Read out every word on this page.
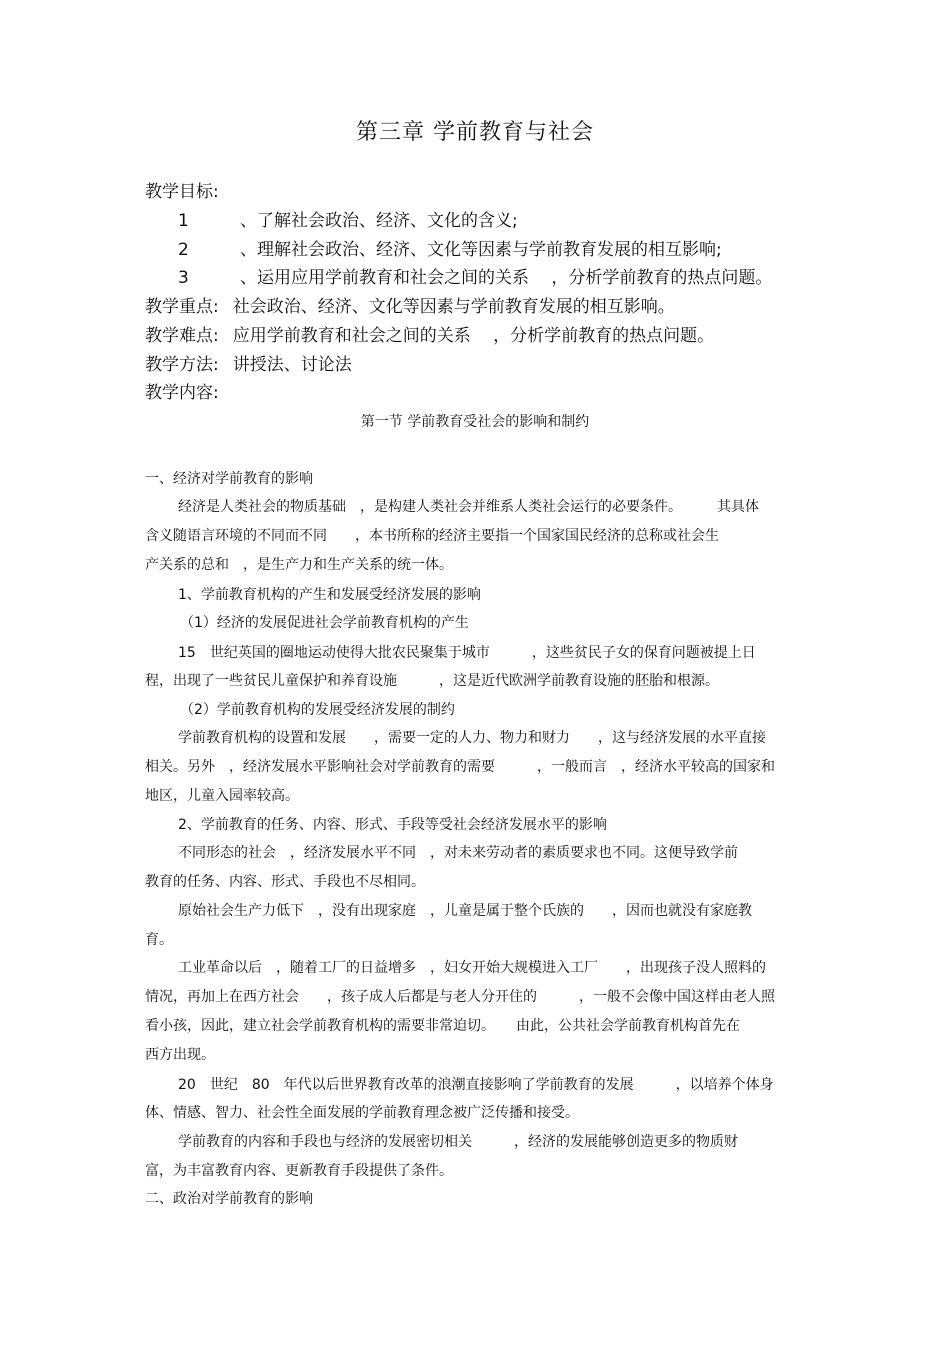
第三章 学前教育与社会
教学目标:
1	、了解社会政治、经济、文化的含义;
2	、理解社会政治、经济、文化等因素与学前教育发展的相互影响;
3	、运用应用学前教育和社会之间的关系　 ，分析学前教育的热点问题。
教学重点: 社会政治、经济、文化等因素与学前教育发展的相互影响。
教学难点: 应用学前教育和社会之间的关系　 ，分析学前教育的热点问题。
教学方法: 讲授法、讨论法
教学内容:
第一节 学前教育受社会的影响和制约
一、经济对学前教育的影响
经济是人类社会的物质基础　，是构建人类社会并维系人类社会运行的必要条件。　　　其具体
含义随语言环境的不同而不同　　，本书所称的经济主要指一个国家国民经济的总称或社会生
产关系的总和　，是生产力和生产关系的统一体。
1、学前教育机构的产生和发展受经济发展的影响
（1）经济的发展促进社会学前教育机构的产生
15　世纪英国的圈地运动使得大批农民聚集于城市　　　，这些贫民子女的保育问题被提上日
程，出现了一些贫民儿童保护和养育设施　　　，这是近代欧洲学前教育设施的胚胎和根源。
（2）学前教育机构的发展受经济发展的制约
学前教育机构的设置和发展　　，需要一定的人力、物力和财力　　，这与经济发展的水平直接
相关。另外　，经济发展水平影响社会对学前教育的需要　　　，一般而言　，经济水平较高的国家和
地区，儿童入园率较高。
2、学前教育的任务、内容、形式、手段等受社会经济发展水平的影响
不同形态的社会　，经济发展水平不同　，对未来劳动者的素质要求也不同。这便导致学前
教育的任务、内容、形式、手段也不尽相同。
原始社会生产力低下　，没有出现家庭　，儿童是属于整个氏族的　　，因而也就没有家庭教
育。
工业革命以后　，随着工厂的日益增多　，妇女开始大规模进入工厂　　，出现孩子没人照料的
情况，再加上在西方社会　　，孩子成人后都是与老人分开住的　　　，一般不会像中国这样由老人照
看小孩，因此，建立社会学前教育机构的需要非常迫切。　　由此，公共社会学前教育机构首先在
西方出现。
20　世纪　80　年代以后世界教育改革的浪潮直接影响了学前教育的发展　　　，以培养个体身
体、情感、智力、社会性全面发展的学前教育理念被广泛传播和接受。
学前教育的内容和手段也与经济的发展密切相关　　　，经济的发展能够创造更多的物质财
富，为丰富教育内容、更新教育手段提供了条件。
二、政治对学前教育的影响
